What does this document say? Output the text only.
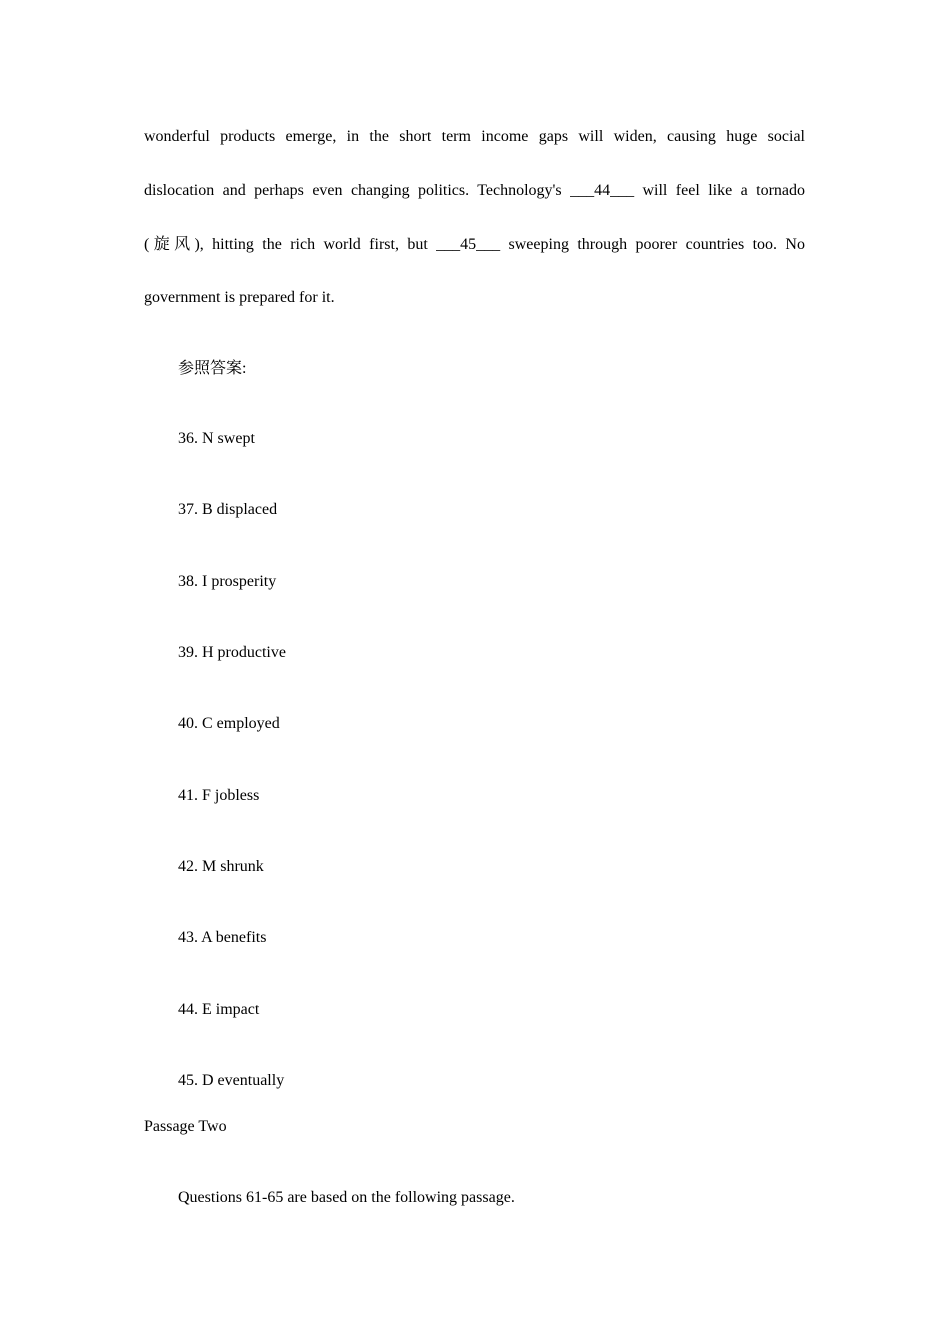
wonderful products emerge, in the short term income gaps will widen, causing huge social
dislocation and perhaps even changing politics. Technology's ___44___ will feel like a tornado
(旋风), hitting the rich world first, but ___45___ sweeping through poorer countries too. No
government is prepared for it.
参照答案:
36. N swept
37. B displaced
38. I prosperity
39. H productive
40. C employed
41. F jobless
42. M shrunk
43. A benefits
44. E impact
45. D eventually
Passage Two
Questions 61-65 are based on the following passage.
